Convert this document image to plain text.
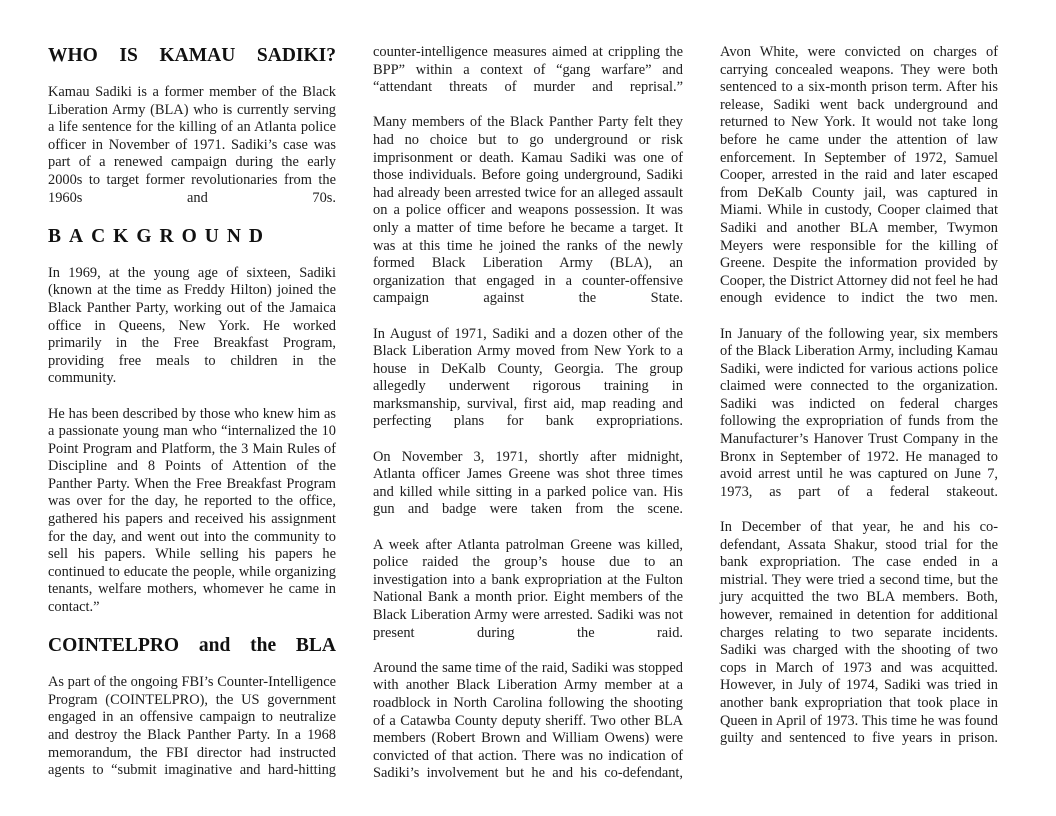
WHO IS KAMAU SADIKI?

Kamau Sadiki is a former member of the Black Liberation Army (BLA) who is currently serving a life sentence for the killing of an Atlanta police officer in November of 1971. Sadiki’s case was part of a renewed campaign during the early 2000s to target former revolutionaries from the 1960s and 70s.

BACKGROUND

In 1969, at the young age of sixteen, Sadiki (known at the time as Freddy Hilton) joined the Black Panther Party, working out of the Jamaica office in Queens, New York. He worked primarily in the Free Breakfast Program, providing free meals to children in the community.

He has been described by those who knew him as a passionate young man who “internalized the 10 Point Program and Platform, the 3 Main Rules of Discipline and 8 Points of Attention of the Panther Party. When the Free Breakfast Program was over for the day, he reported to the office, gathered his papers and received his assignment for the day, and went out into the community to sell his papers. While selling his papers he continued to educate the people, while organizing tenants, welfare mothers, whomever he came in contact.”

COINTELPRO and the BLA

As part of the ongoing FBI’s Counter-Intelligence Program (COINTELPRO), the US government engaged in an offensive campaign to neutralize and destroy the Black Panther Party. In a 1968 memorandum, the FBI director had instructed agents to “submit imaginative and hard-hitting

counter-intelligence measures aimed at crippling the BPP” within a context of “gang warfare” and “attendant threats of murder and reprisal.”

Many members of the Black Panther Party felt they had no choice but to go underground or risk imprisonment or death. Kamau Sadiki was one of those individuals. Before going underground, Sadiki had already been arrested twice for an alleged assault on a police officer and weapons possession. It was only a matter of time before he became a target. It was at this time he joined the ranks of the newly formed Black Liberation Army (BLA), an organization that engaged in a counter-offensive campaign against the State.

In August of 1971, Sadiki and a dozen other of the Black Liberation Army moved from New York to a house in DeKalb County, Georgia. The group allegedly underwent rigorous training in marksmanship, survival, first aid, map reading and perfecting plans for bank expropriations.

On November 3, 1971, shortly after midnight, Atlanta officer James Greene was shot three times and killed while sitting in a parked police van. His gun and badge were taken from the scene.

A week after Atlanta patrolman Greene was killed, police raided the group’s house due to an investigation into a bank expropriation at the Fulton National Bank a month prior. Eight members of the Black Liberation Army were arrested. Sadiki was not present during the raid.

Around the same time of the raid, Sadiki was stopped with another Black Liberation Army member at a roadblock in North Carolina following the shooting of a Catawba County deputy sheriff. Two other BLA members (Robert Brown and William Owens) were convicted of that action. There was no indication of Sadiki’s involvement but he and his co-defendant,

Avon White, were convicted on charges of carrying concealed weapons. They were both sentenced to a six-month prison term. After his release, Sadiki went back underground and returned to New York. It would not take long before he came under the attention of law enforcement. In September of 1972, Samuel Cooper, arrested in the raid and later escaped from DeKalb County jail, was captured in Miami. While in custody, Cooper claimed that Sadiki and another BLA member, Twymon Meyers were responsible for the killing of Greene. Despite the information provided by Cooper, the District Attorney did not feel he had enough evidence to indict the two men.

In January of the following year, six members of the Black Liberation Army, including Kamau Sadiki, were indicted for various actions police claimed were connected to the organization. Sadiki was indicted on federal charges following the expropriation of funds from the Manufacturer’s Hanover Trust Company in the Bronx in September of 1972. He managed to avoid arrest until he was captured on June 7, 1973, as part of a federal stakeout.

In December of that year, he and his co-defendant, Assata Shakur, stood trial for the bank expropriation. The case ended in a mistrial. They were tried a second time, but the jury acquitted the two BLA members. Both, however, remained in detention for additional charges relating to two separate incidents. Sadiki was charged with the shooting of two cops in March of 1973 and was acquitted. However, in July of 1974, Sadiki was tried in another bank expropriation that took place in Queen in April of 1973. This time he was found guilty and sentenced to five years in prison.
